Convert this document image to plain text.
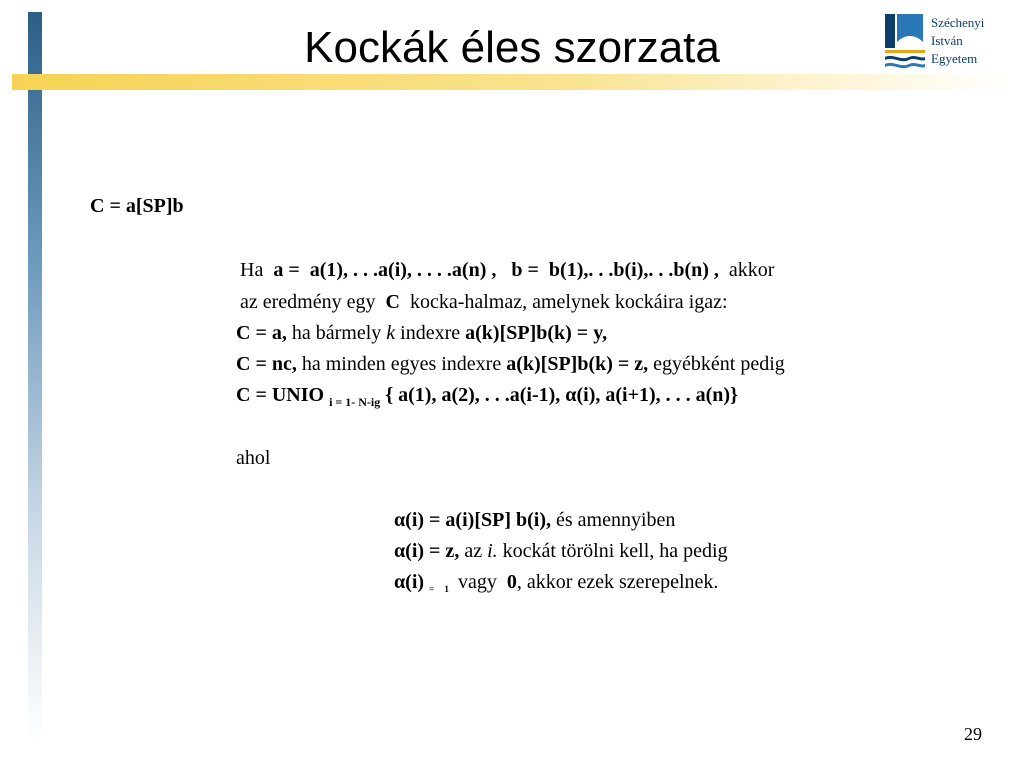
Kockák éles szorzata
Széchenyi
István
Egyetem
C = a[SP]b
Ha a = a(1), . . .a(i), . . . .a(n) , b = b(1),. . .b(i),. . .b(n) , akkor
az eredmény egy C kocka-halmaz, amelynek kockáira igaz:
C = a, ha bármely k indexre a(k)[SP]b(k) = y,
C = nc, ha minden egyes indexre a(k)[SP]b(k) = z, egyébként pedig
C = UNIO $_{i = 1- N-ig}$ { a(1), a(2), . . .a(i-1), α(i), a(i+1), . . . a(n)}
ahol
α(i) = a(i)[SP] b(i), és amennyiben
α(i) = z, az i. kockát törölni kell, ha pedig
α(i) $_{= 1}$ vagy 0, akkor ezek szerepelnek.
29
